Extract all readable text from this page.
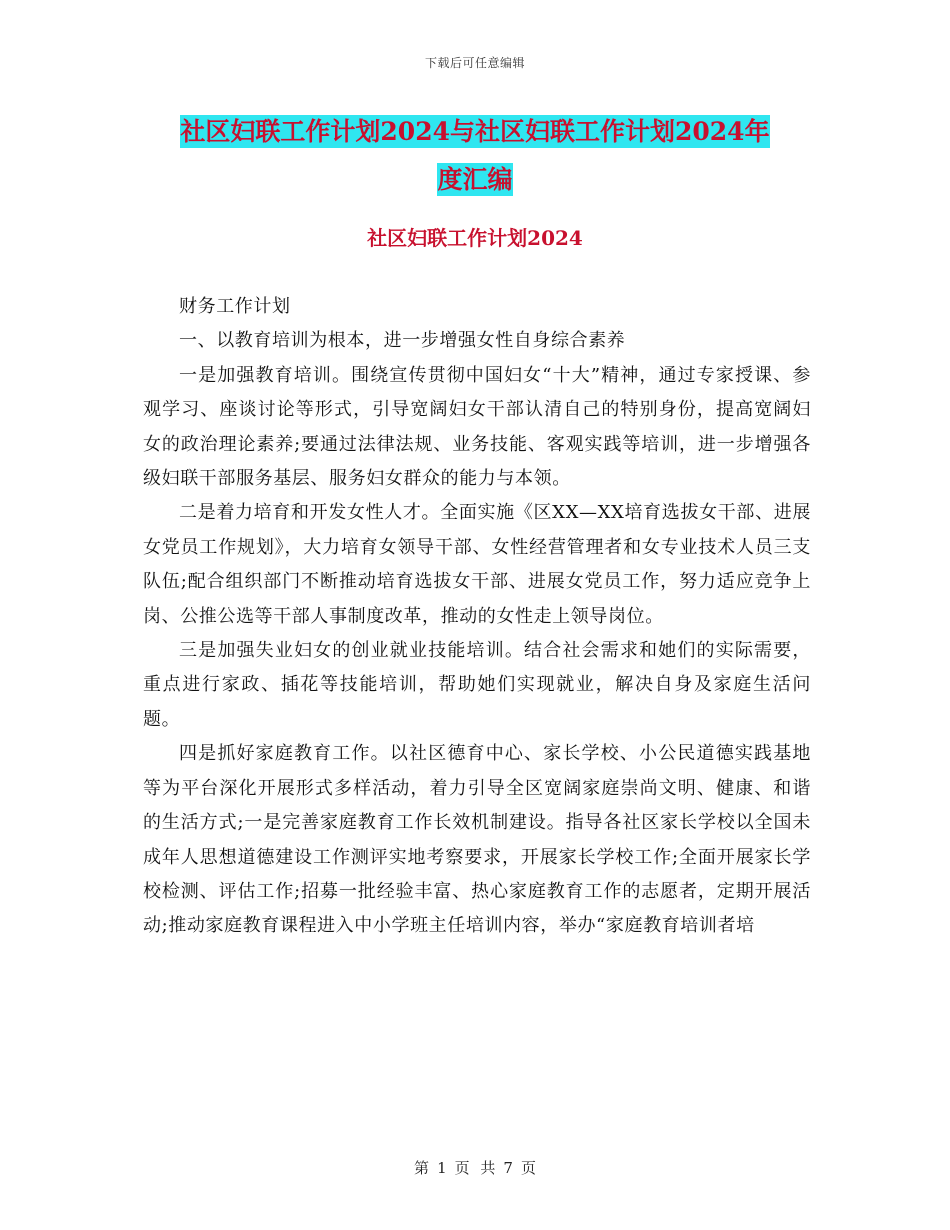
下载后可任意编辑
社区妇联工作计划2024与社区妇联工作计划2024年
度汇编
社区妇联工作计划2024

财务工作计划

一、以教育培训为根本，进一步增强女性自身综合素养

一是加强教育培训。围绕宣传贯彻中国妇女“十大”精神，通过专家授课、参观学习、座谈讨论等形式，引导宽阔妇女干部认清自己的特别身份，提高宽阔妇女的政治理论素养;要通过法律法规、业务技能、客观实践等培训，进一步增强各级妇联干部服务基层、服务妇女群众的能力与本领。

二是着力培育和开发女性人才。全面实施《区XX—XX培育选拔女干部、进展女党员工作规划》，大力培育女领导干部、女性经营管理者和女专业技术人员三支队伍;配合组织部门不断推动培育选拔女干部、进展女党员工作，努力适应竞争上岗、公推公选等干部人事制度改革，推动的女性走上领导岗位。

三是加强失业妇女的创业就业技能培训。结合社会需求和她们的实际需要，重点进行家政、插花等技能培训，帮助她们实现就业，解决自身及家庭生活问题。

四是抓好家庭教育工作。以社区德育中心、家长学校、小公民道德实践基地等为平台深化开展形式多样活动，着力引导全区宽阔家庭崇尚文明、健康、和谐的生活方式;一是完善家庭教育工作长效机制建设。指导各社区家长学校以全国未成年人思想道德建设工作测评实地考察要求，开展家长学校工作;全面开展家长学校检测、评估工作;招募一批经验丰富、热心家庭教育工作的志愿者，定期开展活动;推动家庭教育课程进入中小学班主任培训内容，举办“家庭教育培训者培

第 1 页 共 7 页
